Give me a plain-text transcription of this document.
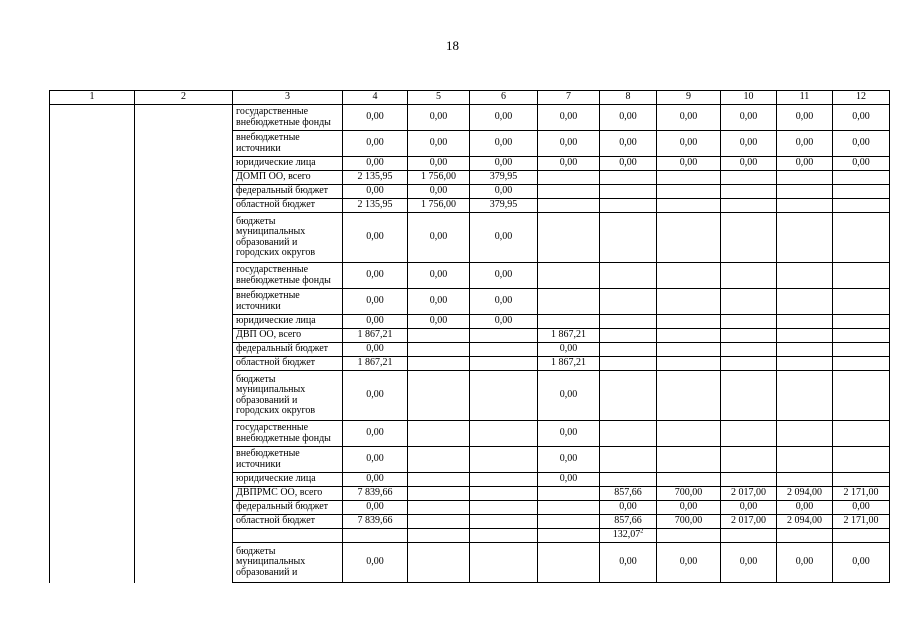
18
1	2	3	4	5	6	7	8	9	10	11	12
		государственные внебюджетные фонды	0,00	0,00	0,00	0,00	0,00	0,00	0,00	0,00	0,00
		внебюджетные источники	0,00	0,00	0,00	0,00	0,00	0,00	0,00	0,00	0,00
		юридические лица	0,00	0,00	0,00	0,00	0,00	0,00	0,00	0,00	0,00
		ДОМП ОО, всего	2 135,95	1 756,00	379,95						
		федеральный бюджет	0,00	0,00	0,00						
		областной бюджет	2 135,95	1 756,00	379,95						
		бюджеты муниципальных образований и городских округов	0,00	0,00	0,00						
		государственные внебюджетные фонды	0,00	0,00	0,00						
		внебюджетные источники	0,00	0,00	0,00						
		юридические лица	0,00	0,00	0,00						
		ДВП ОО, всего	1 867,21			1 867,21					
		федеральный бюджет	0,00			0,00					
		областной бюджет	1 867,21			1 867,21					
		бюджеты муниципальных образований и городских округов	0,00			0,00					
		государственные внебюджетные фонды	0,00			0,00					
		внебюджетные источники	0,00			0,00					
		юридические лица	0,00			0,00					
		ДВПРМС ОО, всего	7 839,66				857,66	700,00	2 017,00	2 094,00	2 171,00
		федеральный бюджет	0,00				0,00	0,00	0,00	0,00	0,00
		областной бюджет	7 839,66				857,66	700,00	2 017,00	2 094,00	2 171,00
							132,07$^2$				
		бюджеты муниципальных образований и	0,00				0,00	0,00	0,00	0,00	0,00
